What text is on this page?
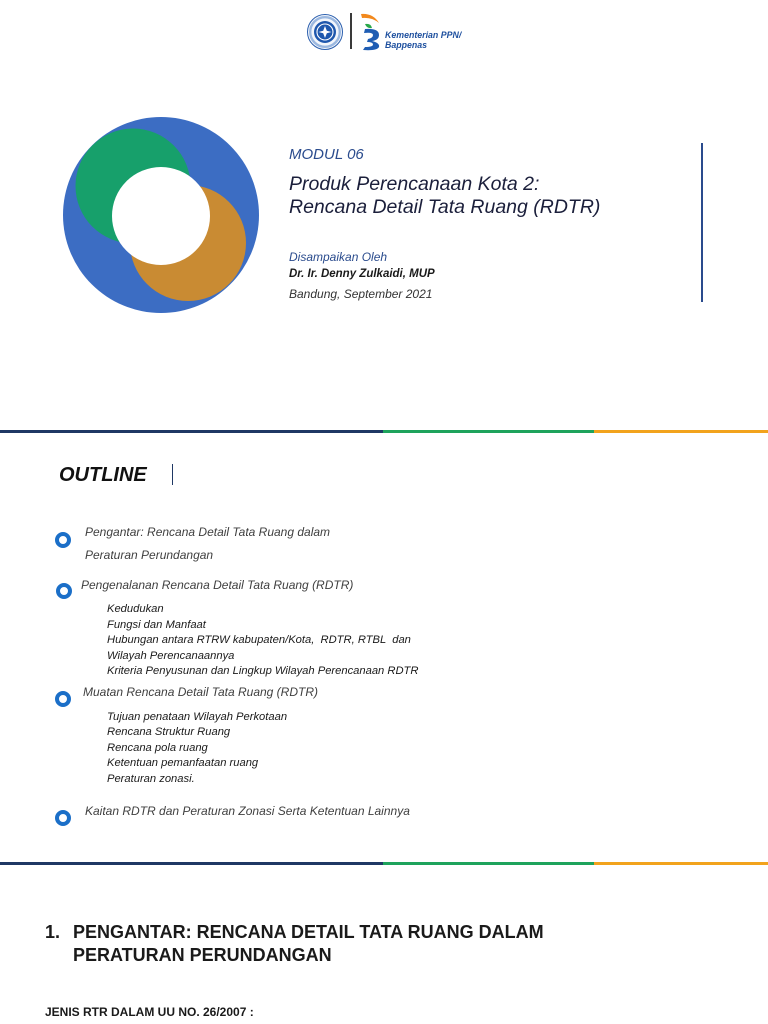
Kementerian PPN/
Bappenas
MODUL 06
Produk Perencanaan Kota 2:
Rencana Detail Tata Ruang (RDTR)
Disampaikan Oleh
Dr. Ir. Denny Zulkaidi, MUP
Bandung, September 2021
OUTLINE
Pengantar: Rencana Detail Tata Ruang dalam
Peraturan Perundangan
Pengenalanan Rencana Detail Tata Ruang (RDTR)
Kedudukan
Fungsi dan Manfaat
Hubungan antara RTRW kabupaten/Kota,  RDTR, RTBL  dan
Wilayah Perencanaannya
Kriteria Penyusunan dan Lingkup Wilayah Perencanaan RDTR
Muatan Rencana Detail Tata Ruang (RDTR)
Tujuan penataan Wilayah Perkotaan
Rencana Struktur Ruang
Rencana pola ruang
Ketentuan pemanfaatan ruang
Peraturan zonasi.
Kaitan RDTR dan Peraturan Zonasi Serta Ketentuan Lainnya
1. PENGANTAR: RENCANA DETAIL TATA RUANG DALAM
PERATURAN PERUNDANGAN
JENIS RTR DALAM UU NO. 26/2007 :
